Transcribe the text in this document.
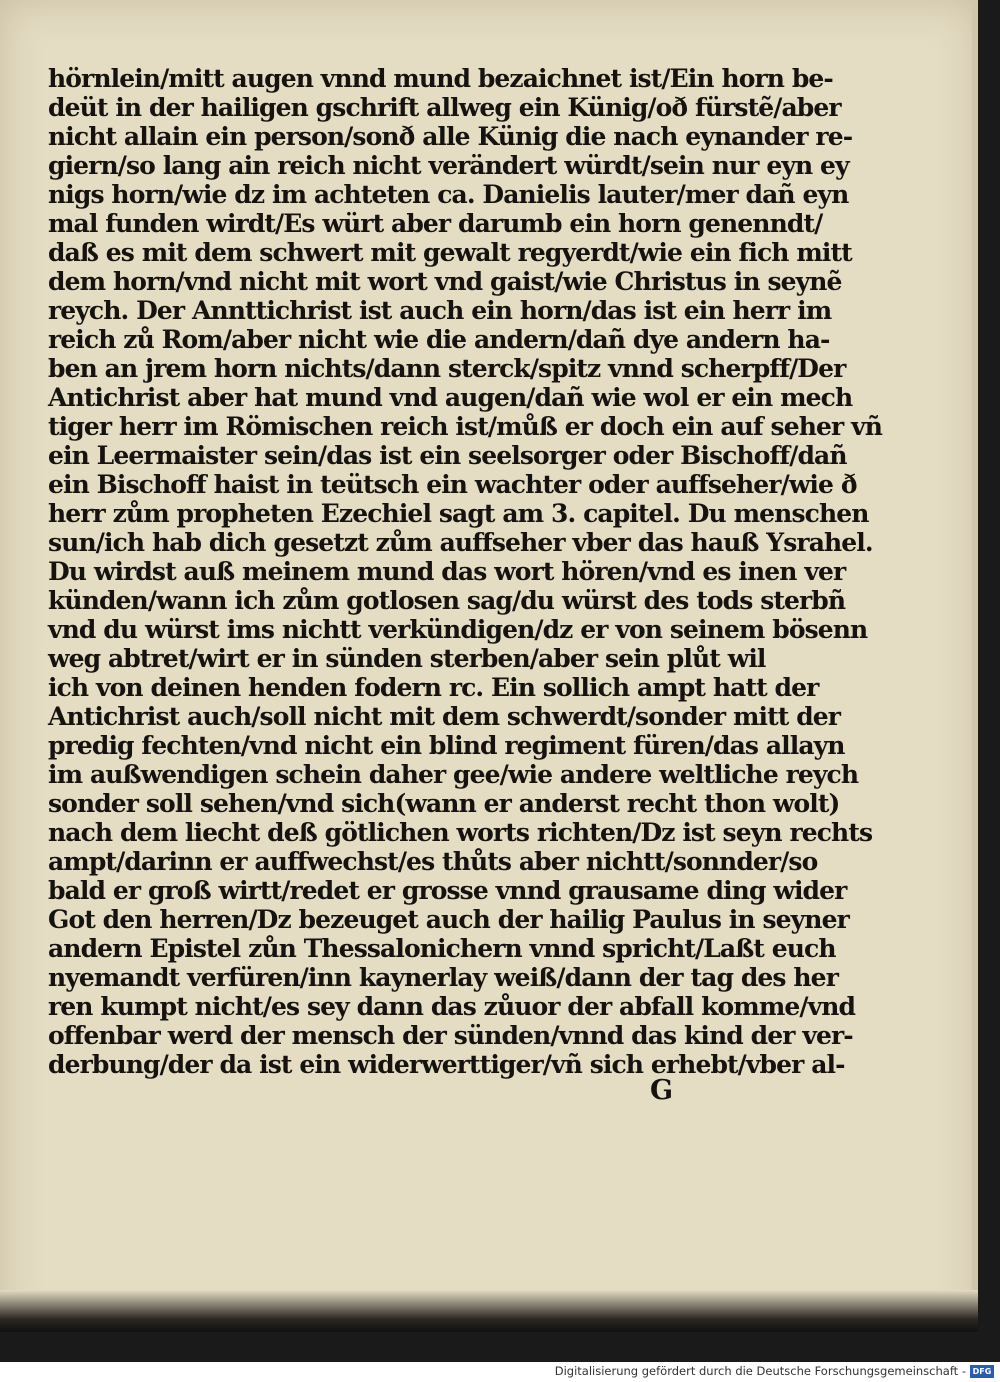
hörnlein/mitt augen vnnd mund bezaichnet ist/Ein horn be-
deüt in der hailigen gschrift allweg ein Künig/oð fürstẽ/aber
nicht allain ein person/sonð alle Künig die nach eynander re-
giern/so lang ain reich nicht verändert würdt/sein nur eyn ey
nigs horn/wie dz im achteten ca. Danielis lauter/mer dañ eyn
mal funden wirdt/Es würt aber darumb ein horn genenndt/
daß es mit dem schwert mit gewalt regyerdt/wie ein fich mitt
dem horn/vnd nicht mit wort vnd gaist/wie Christus in seynẽ
reych. Der Annttichrist ist auch ein horn/das ist ein herr im
reich zů Rom/aber nicht wie die andern/dañ dye andern ha-
ben an jrem horn nichts/dann sterck/spitz vnnd scherpff/Der
Antichrist aber hat mund vnd augen/dañ wie wol er ein mech
tiger herr im Römischen reich ist/můß er doch ein auf seher vñ
ein Leermaister sein/das ist ein seelsorger oder Bischoff/dañ
ein Bischoff haist in teütsch ein wachter oder auffseher/wie ð
herr zům propheten Ezechiel sagt am 3. capitel. Du menschen
sun/ich hab dich gesetzt zům auffseher vber das hauß Ysrahel.
Du wirdst auß meinem mund das wort hören/vnd es inen ver
künden/wann ich zům gotlosen sag/du würst des tods sterbñ
vnd du würst ims nichtt verkündigen/dz er von seinem bösenn
weg abtret/wirt er in sünden sterben/aber sein plůt wil
ich von deinen henden fodern rc. Ein sollich ampt hatt der
Antichrist auch/soll nicht mit dem schwerdt/sonder mitt der
predig fechten/vnd nicht ein blind regiment füren/das allayn
im außwendigen schein daher gee/wie andere weltliche reych
sonder soll sehen/vnd sich(wann er anderst recht thon wolt)
nach dem liecht deß götlichen worts richten/Dz ist seyn rechts
ampt/darinn er auffwechst/es thůts aber nichtt/sonnder/so
bald er groß wirtt/redet er grosse vnnd grausame ding wider
Got den herren/Dz bezeuget auch der hailig Paulus in seyner
andern Epistel zůn Thessalonichern vnnd spricht/Laßt euch
nyemandt verfüren/inn kaynerlay weiß/dann der tag des her
ren kumpt nicht/es sey dann das zůuor der abfall komme/vnd
offenbar werd der mensch der sünden/vnnd das kind der ver-
derbung/der da ist ein widerwerttiger/vñ sich erhebt/vber al-
G
Digitalisierung gefördert durch die Deutsche Forschungsgemeinschaft - DFG
